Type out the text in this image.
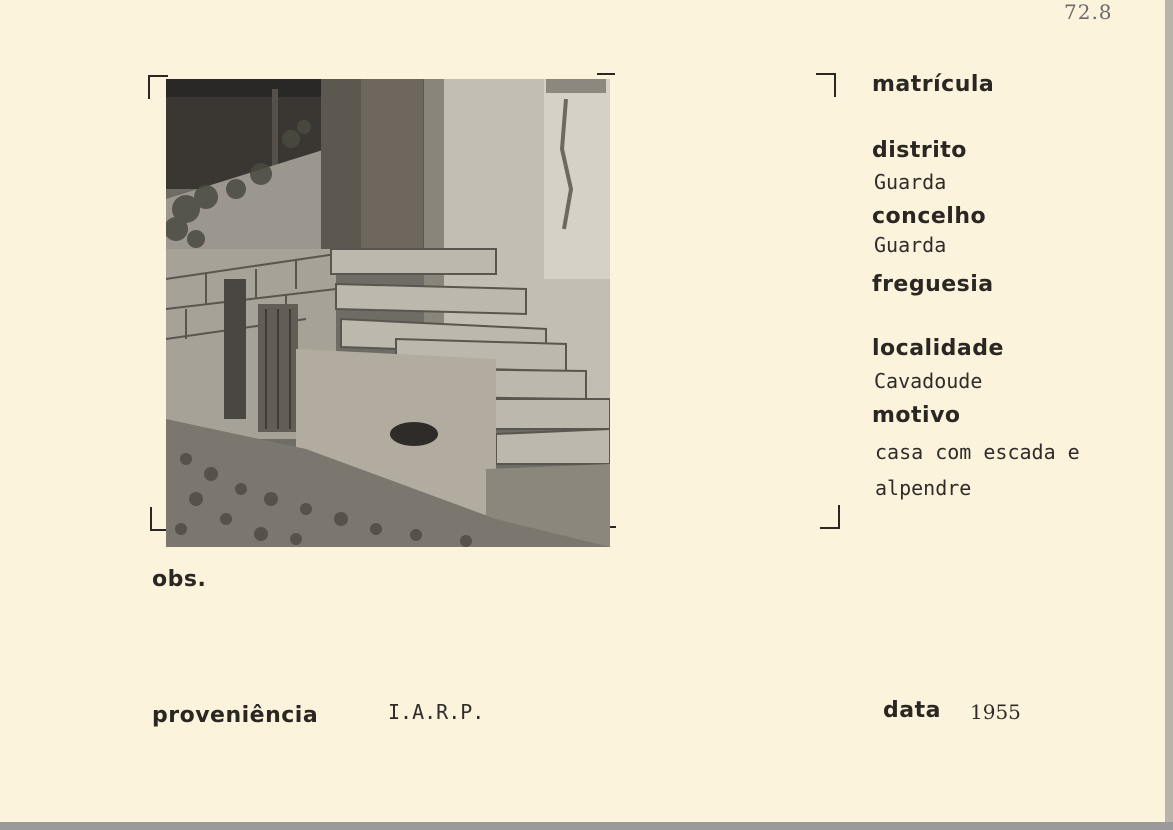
72.8
matrícula
distrito
Guarda
concelho
Guarda
freguesia
localidade
Cavadoude
motivo
casa com escada e
alpendre
obs.
proveniência	I.A.R.P.	data 1955
